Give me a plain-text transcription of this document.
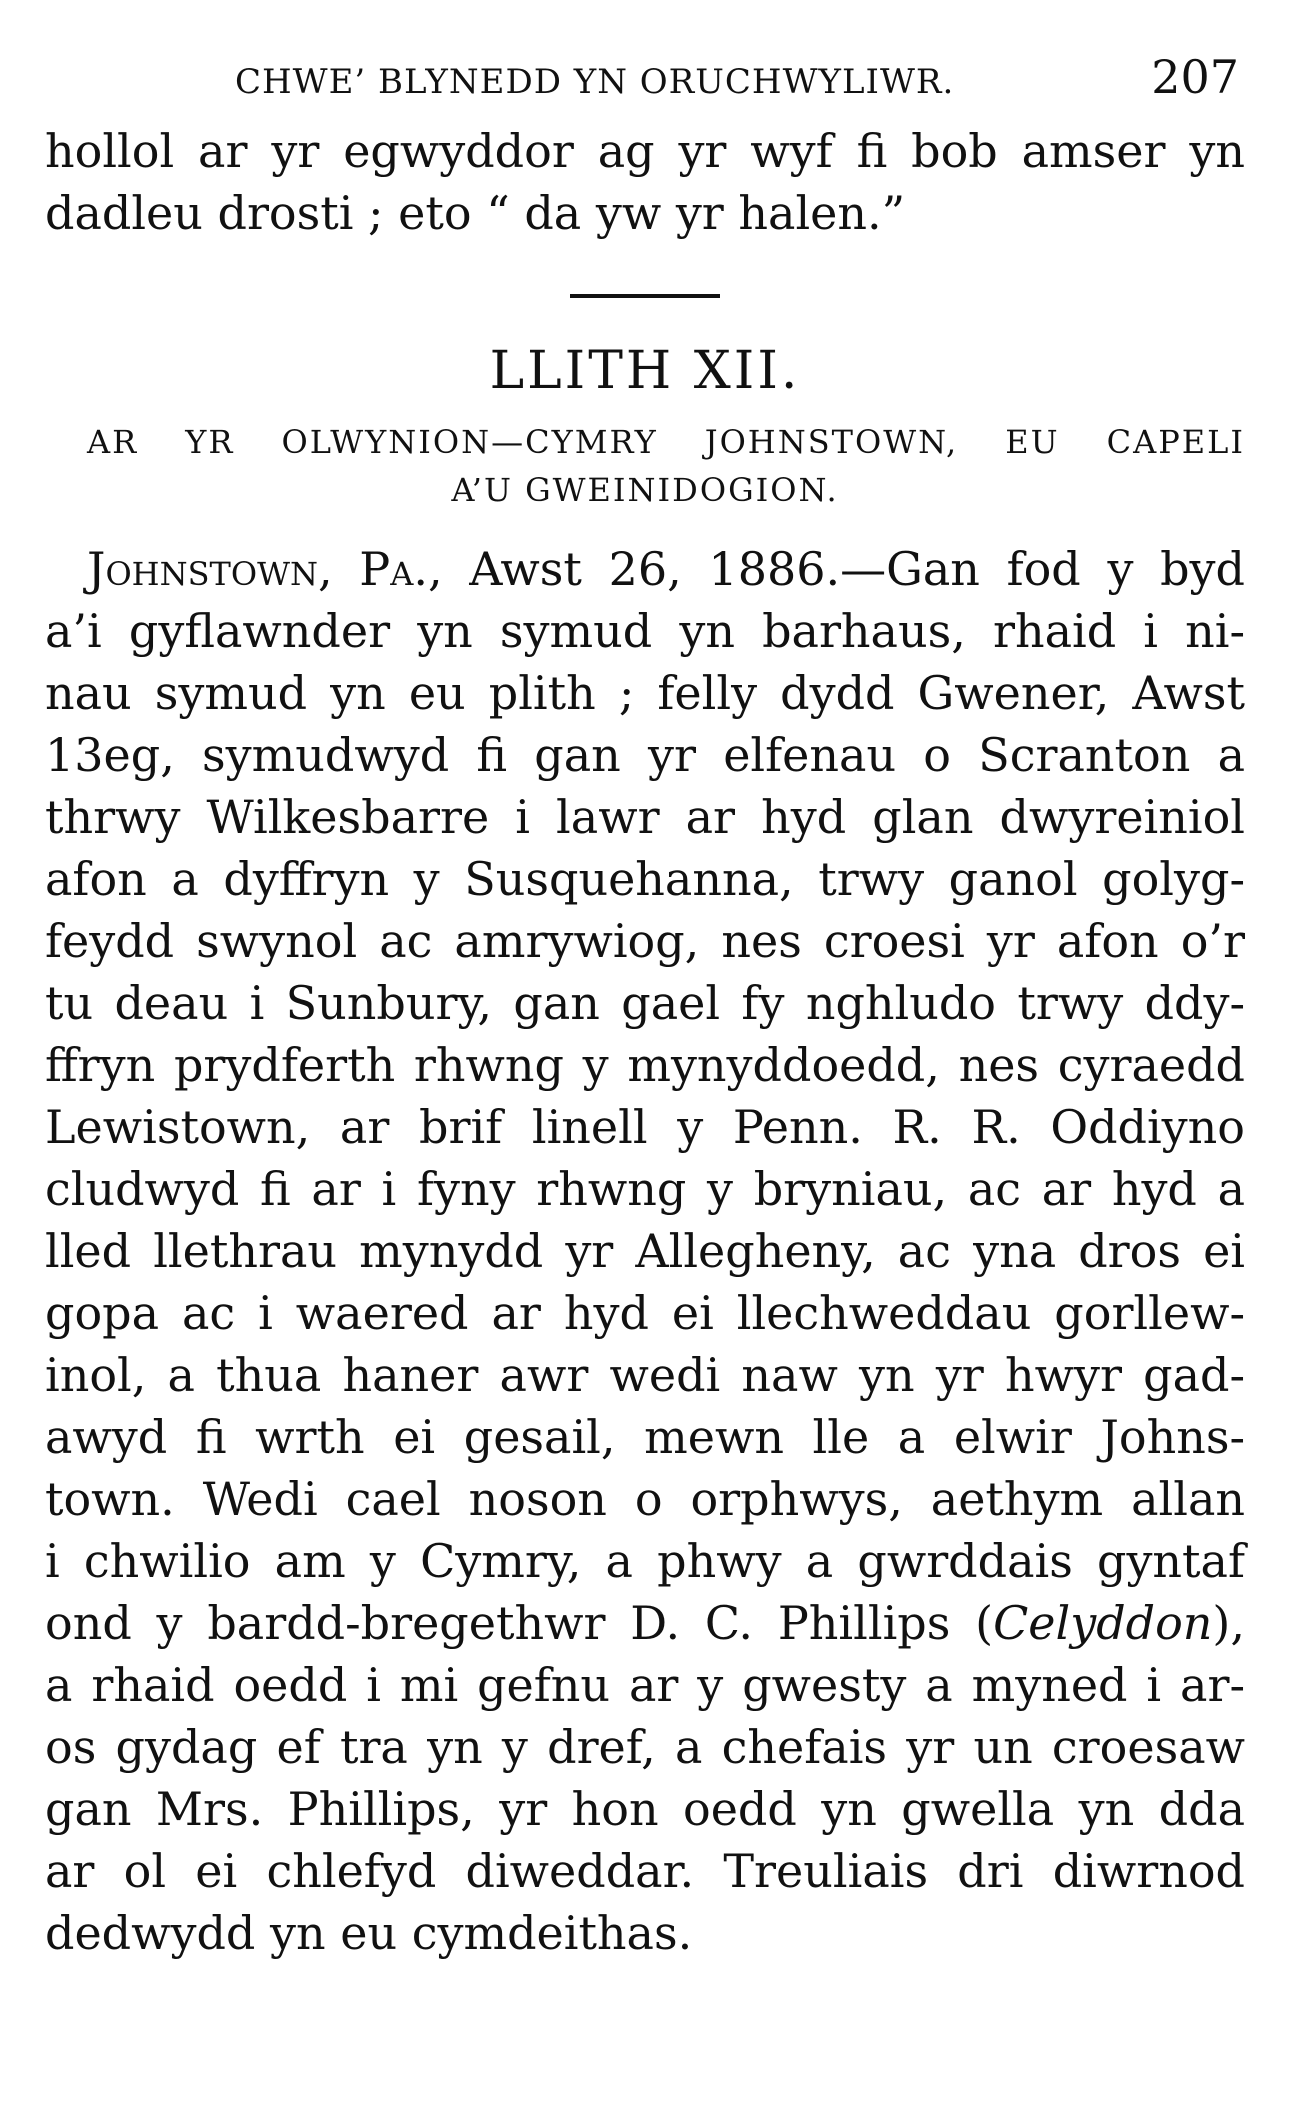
CHWE’ BLYNEDD YN ORUCHWYLIWR.	207
hollol ar yr egwyddor ag yr wyf fi bob amser yn
dadleu drosti ; eto “ da yw yr halen.”
LLITH XII.
AR YR OLWYNION—CYMRY JOHNSTOWN, EU CAPELI
A’U GWEINIDOGION.
Johnstown, Pa., Awst 26, 1886.—Gan fod y byd
a’i gyflawnder yn symud yn barhaus, rhaid i ni-
nau symud yn eu plith ; felly dydd Gwener, Awst
13eg, symudwyd fi gan yr elfenau o Scranton a
thrwy Wilkesbarre i lawr ar hyd glan dwyreiniol
afon a dyffryn y Susquehanna, trwy ganol golyg-
feydd swynol ac amrywiog, nes croesi yr afon o’r
tu deau i Sunbury, gan gael fy nghludo trwy ddy-
ffryn prydferth rhwng y mynyddoedd, nes cyraedd
Lewistown, ar brif linell y Penn. R. R. Oddiyno
cludwyd fi ar i fyny rhwng y bryniau, ac ar hyd a
lled llethrau mynydd yr Allegheny, ac yna dros ei
gopa ac i waered ar hyd ei llechweddau gorllew-
inol, a thua haner awr wedi naw yn yr hwyr gad-
awyd fi wrth ei gesail, mewn lle a elwir Johns-
town. Wedi cael noson o orphwys, aethym allan
i chwilio am y Cymry, a phwy a gwrddais gyntaf
ond y bardd-bregethwr D. C. Phillips (Celyddon),
a rhaid oedd i mi gefnu ar y gwesty a myned i ar-
os gydag ef tra yn y dref, a chefais yr un croesaw
gan Mrs. Phillips, yr hon oedd yn gwella yn dda
ar ol ei chlefyd diweddar. Treuliais dri diwrnod
dedwydd yn eu cymdeithas.
